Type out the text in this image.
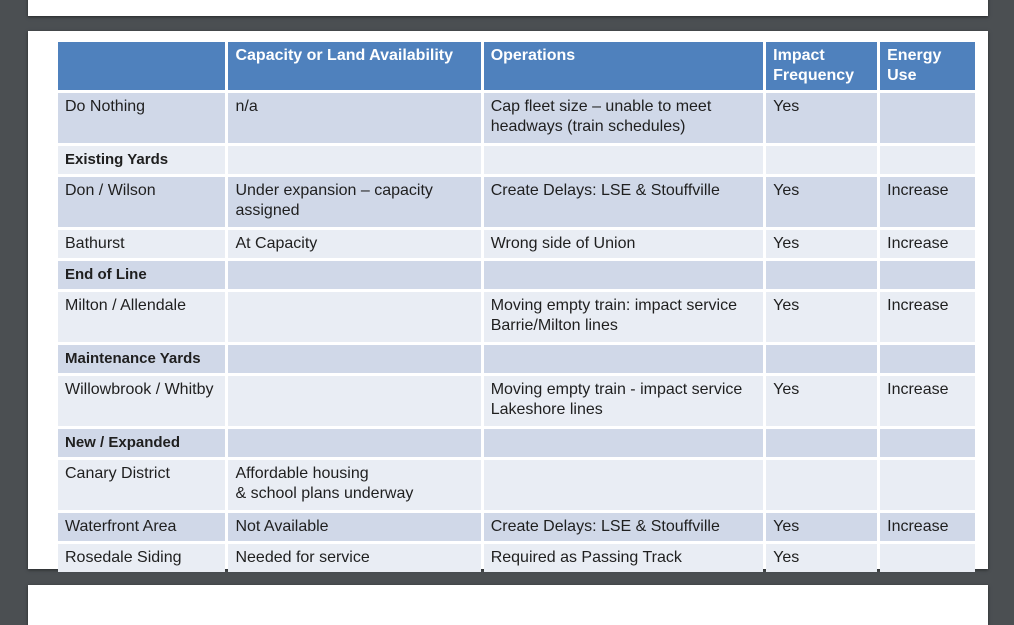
	Capacity or Land Availability	Operations	Impact Frequency	Energy Use
Do Nothing	n/a	Cap fleet size – unable to meet headways (train schedules)	Yes	
Existing Yards				
Don / Wilson	Under expansion – capacity assigned	Create Delays: LSE & Stouffville	Yes	Increase
Bathurst	At Capacity	Wrong side of Union	Yes	Increase
End of Line				
Milton / Allendale		Moving empty train: impact service Barrie/Milton lines	Yes	Increase
Maintenance Yards				
Willowbrook / Whitby		Moving empty train - impact service Lakeshore lines	Yes	Increase
New / Expanded				
Canary District	Affordable housing
& school plans underway			
Waterfront Area	Not Available	Create Delays: LSE & Stouffville	Yes	Increase
Rosedale Siding	Needed for service	Required as Passing Track	Yes	
